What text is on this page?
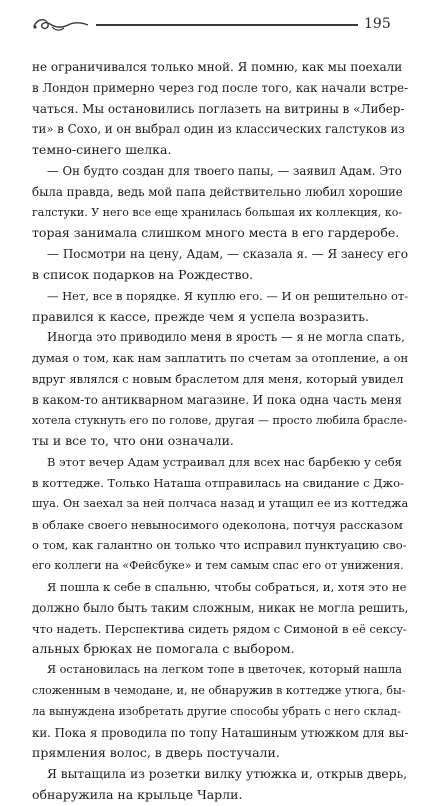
195
не ограничивался только мной. Я помню, как мы поехали
в Лондон примерно через год после того, как начали встре-
чаться. Мы остановились поглазеть на витрины в «Либер-
ти» в Сохо, и он выбрал один из классических галстуков из
темно-синего шелка.
— Он будто создан для твоего папы, — заявил Адам. Это
была правда, ведь мой папа действительно любил хорошие
галстуки. У него все еще хранилась большая их коллекция, ко-
торая занимала слишком много места в его гардеробе.
— Посмотри на цену, Адам, — сказала я. — Я занесу его
в список подарков на Рождество.
— Нет, все в порядке. Я куплю его. — И он решительно от-
правился к кассе, прежде чем я успела возразить.
Иногда это приводило меня в ярость — я не могла спать,
думая о том, как нам заплатить по счетам за отопление, а он
вдруг являлся с новым браслетом для меня, который увидел
в каком-то антикварном магазине. И пока одна часть меня
хотела стукнуть его по голове, другая — просто любила брасле-
ты и все то, что они означали.
В этот вечер Адам устраивал для всех нас барбекю у себя
в коттедже. Только Наташа отправилась на свидание с Джо-
шуа. Он заехал за ней полчаса назад и утащил ее из коттеджа
в облаке своего невыносимого одеколона, потчуя рассказом
о том, как галантно он только что исправил пунктуацию сво-
его коллеги на «Фейсбуке» и тем самым спас его от унижения.
Я пошла к себе в спальню, чтобы собраться, и, хотя это не
должно было быть таким сложным, никак не могла решить,
что надеть. Перспектива сидеть рядом с Симоной в её сексу-
альных брюках не помогала с выбором.
Я остановилась на легком топе в цветочек, который нашла
сложенным в чемодане, и, не обнаружив в коттедже утюга, бы-
ла вынуждена изобретать другие способы убрать с него склад-
ки. Пока я проводила по топу Наташиным утюжком для вы-
прямления волос, в дверь постучали.
Я вытащила из розетки вилку утюжка и, открыв дверь,
обнаружила на крыльце Чарли.
